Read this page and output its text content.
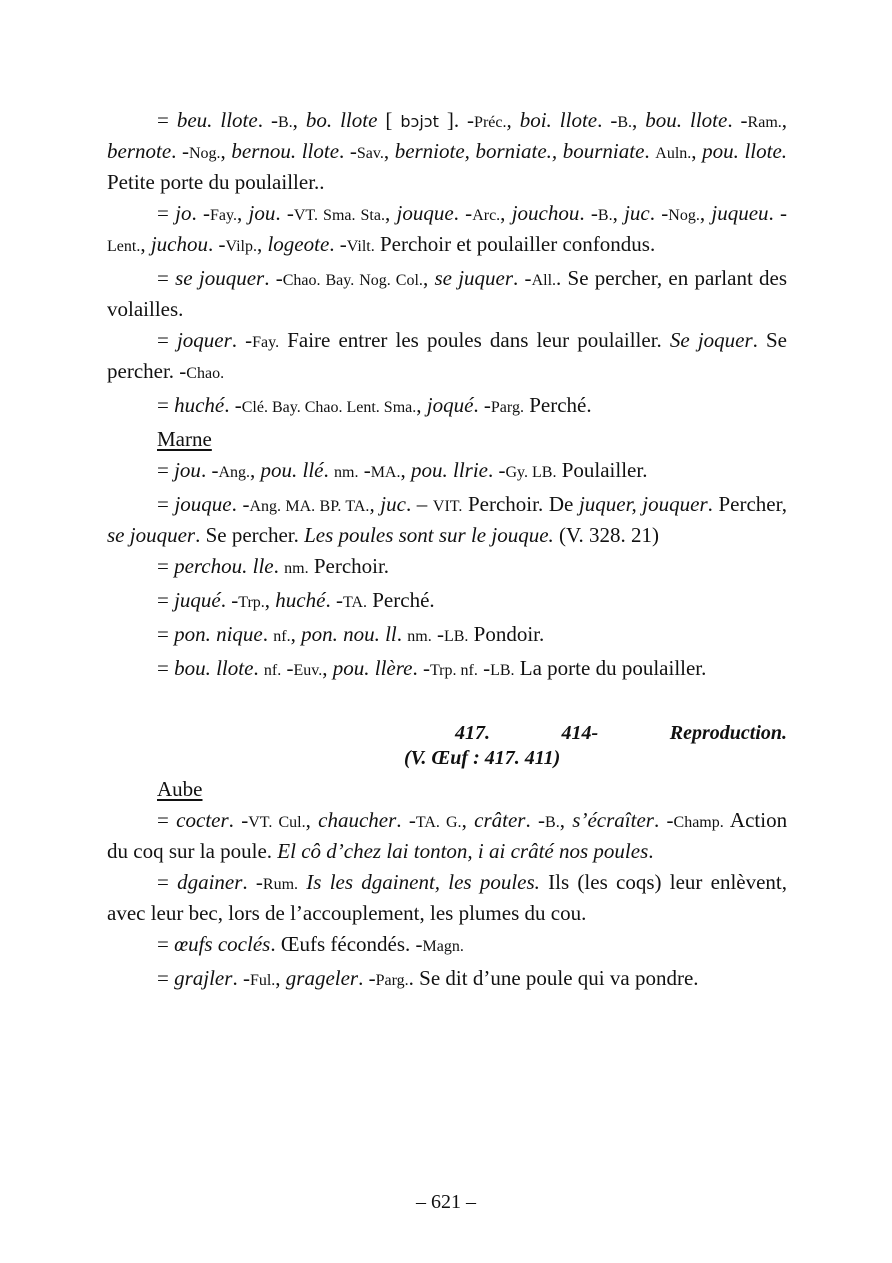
= beu. llote. -B., bo. llote [ bɔjɔt ]. -Préc., boi. llote. -B., bou. llote. -Ram., bernote. -Nog., bernou. llote. -Sav., berniote, borniate., bourniate. Auln., pou. llote. Petite porte du poulailler..

= jo. -Fay., jou. -VT. Sma. Sta., jouque. -Arc., jouchou. -B., juc. -Nog., juqueu. -Lent., juchou. -Vilp., logeote. -Vilt. Perchoir et poulailler confondus.

= se jouquer. -Chao. Bay. Nog. Col., se juquer. -All.. Se percher, en parlant des volailles.

= joquer. -Fay. Faire entrer les poules dans leur poulailler. Se joquer. Se percher. -Chao.

= huché. -Clé. Bay. Chao. Lent. Sma., joqué. -Parg. Perché.

Marne

= jou. -Ang., pou. llé. nm. -MA., pou. llrie. -Gy. LB. Poulailler.

= jouque. -Ang. MA. BP. TA., juc. – VIT. Perchoir. De juquer, jouquer. Percher, se jouquer. Se percher. Les poules sont sur le jouque. (V. 328. 21)

= perchou. lle. nm. Perchoir.

= juqué. -Trp., huché. -TA. Perché.

= pon. nique. nf., pon. nou. ll. nm. -LB. Pondoir.

= bou. llote. nf. -Euv., pou. llère. -Trp. nf. -LB. La porte du poulailler.

417.	414-	Reproduction.
(V. Œuf : 417. 411)

Aube

= cocter. -VT. Cul., chaucher. -TA. G., crâter. -B., s’écraîter. -Champ. Action du coq sur la poule. El cô d’chez lai tonton, i ai crâté nos poules.

= dgainer. -Rum. Is les dgainent, les poules. Ils (les coqs) leur enlèvent, avec leur bec, lors de l’accouplement, les plumes du cou.

= œufs coclés. Œufs fécondés. -Magn.

= grajler. -Ful., grageler. -Parg.. Se dit d’une poule qui va pondre.

– 621 –
